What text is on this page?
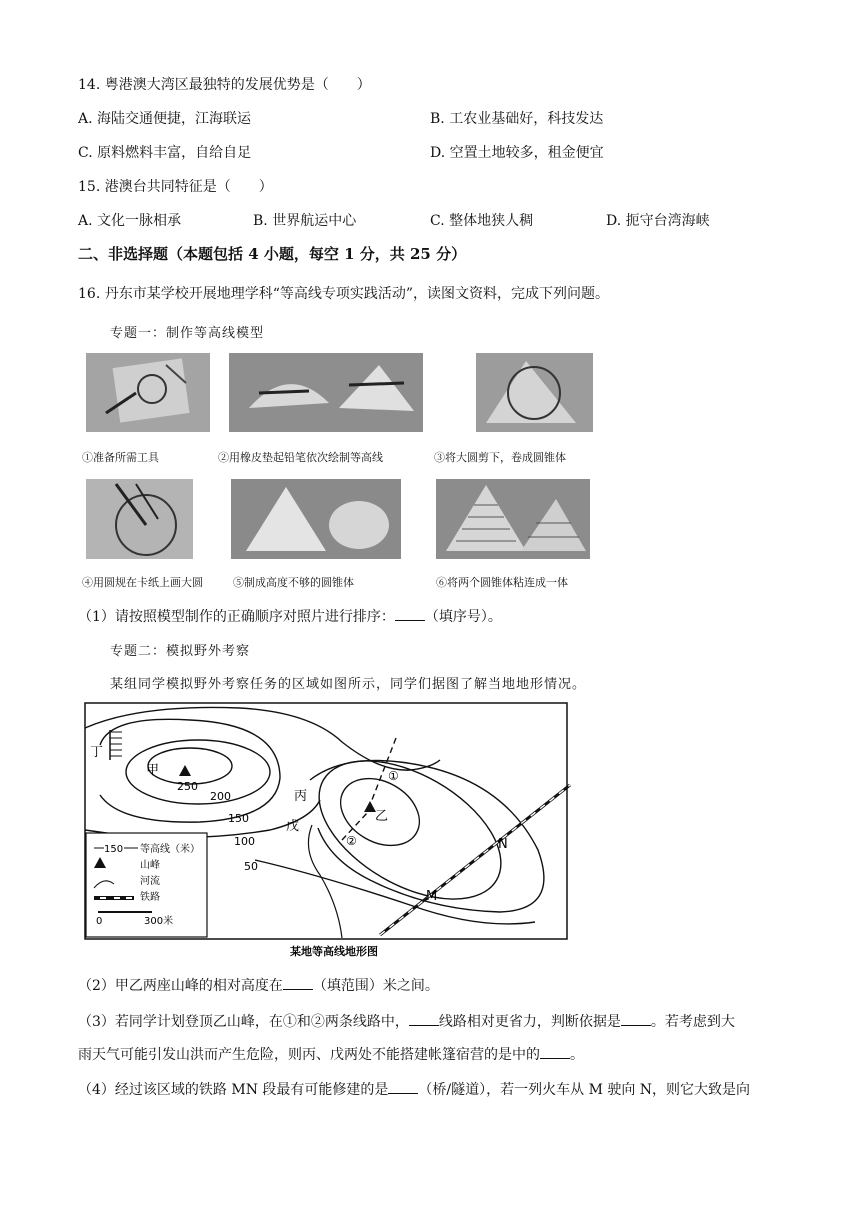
14. 粤港澳大湾区最独特的发展优势是（　　）
A. 海陆交通便捷，江海联运	B. 工农业基础好，科技发达
C. 原料燃料丰富，自给自足	D. 空置土地较多，租金便宜
15. 港澳台共同特征是（　　）
A. 文化一脉相承	B. 世界航运中心	C. 整体地狭人稠	D. 扼守台湾海峡
二、非选择题（本题包括 4 小题，每空 1 分，共 25 分）
16. 丹东市某学校开展地理学科“等高线专项实践活动”，读图文资料，完成下列问题。
专题一：制作等高线模型
①准备所需工具	②用橡皮垫起铅笔依次绘制等高线	③将大圆剪下，卷成圆锥体
④用圆规在卡纸上画大圆	⑤制成高度不够的圆锥体	⑥将两个圆锥体粘连成一体
（1）请按照模型制作的正确顺序对照片进行排序： （填序号）。
专题二：模拟野外考察
某组同学模拟野外考察任务的区域如图所示，同学们据图了解当地地形情况。
甲
250
200
150
100
50
丁
丙
戊
乙
①
②	N
M
150 等高线（米）
山峰
河流
铁路
0	300米
某地等高线地形图
（2）甲乙两座山峰的相对高度在 （填范围）米之间。
（3）若同学计划登顶乙山峰，在①和②两条线路中， 线路相对更省力，判断依据是 。若考虑到大
雨天气可能引发山洪而产生危险，则丙、戊两处不能搭建帐篷宿营的是中的 。
（4）经过该区域的铁路 MN 段最有可能修建的是 （桥/隧道），若一列火车从 M 驶向 N，则它大致是向
